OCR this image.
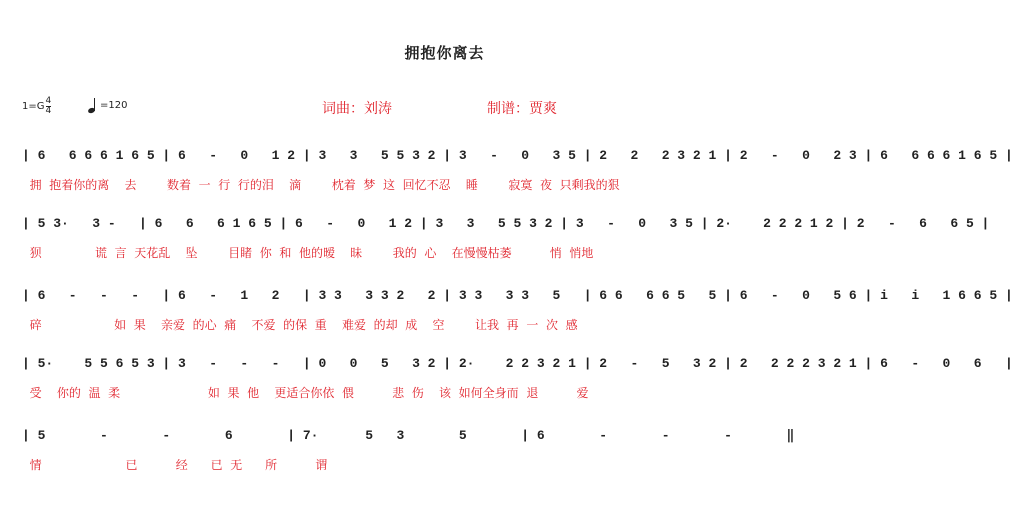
拥抱你离去
$1=G \frac{4}{4}$	=120	词曲：刘涛	制谱：贾爽
| 6   6 6 6 1 6 5 | 6   -   0   1 2 | 3   3   5 5 3 2 | 3   -   0   3 5 | 2   2   2 3 2 1 | 2   -   0   2 3 | 6   6 6 6 1 6 5 |
拥  抱着你的离    去        数着  一  行  行的泪    滴        枕着  梦  这  回忆不忍    睡        寂寞  夜  只剩我的狠
| 5 3·   3 -   | 6   6   6 1 6 5 | 6   -   0   1 2 | 3   3   5 5 3 2 | 3   -   0   3 5 | 2·    2 2 2 1 2 | 2   -   6   6 5 |
狈              谎  言  天花乱    坠        目睹  你  和  他的暧    昧        我的  心    在慢慢枯萎          悄  悄地
| 6   -   -   -   | 6   -   1   2   | 3 3   3 3 2   2 | 3 3   3 3   5   | 6 6   6 6 5   5 | 6   -   0   5 6 | i   i   1 6 6 5 |
碎                   如  果    亲爱  的心  痛    不爱  的保  重    难爱  的却  成    空        让我  再  一  次  感
| 5·    5 5 6 5 3 | 3   -   -   -   | 0   0   5   3 2 | 2·    2 2 3 2 1 | 2   -   5   3 2 | 2   2 2 2 3 2 1 | 6   -   0   6   |
受    你的  温  柔                       如  果  他    更适合你依  偎          悲  伤    该  如何全身而  退          爱
| 5       -       -       6       | 7·      5   3       5       | 6       -       -       -       ‖
情                      已          经      已  无      所          谓
